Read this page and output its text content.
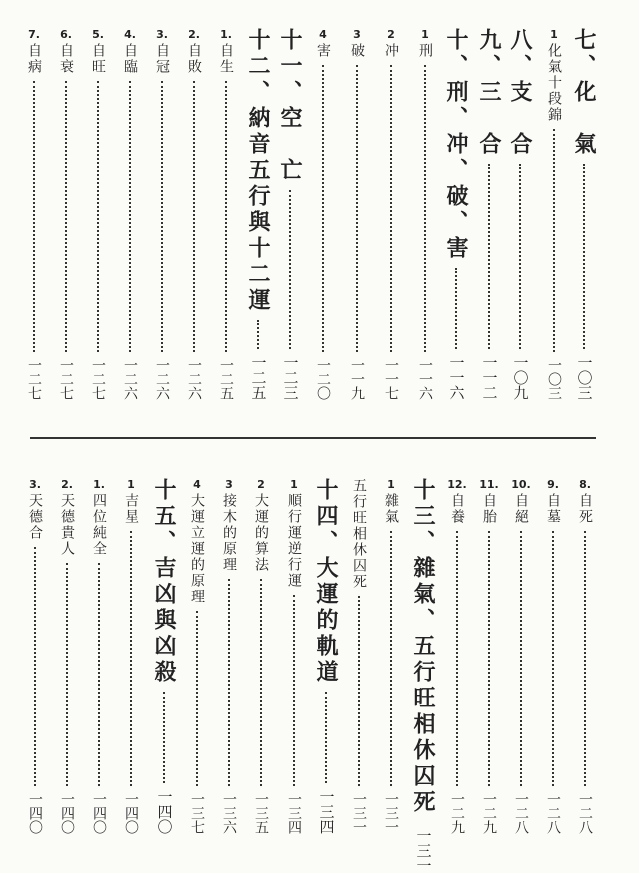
七、化　氣
一〇三
1
化氣十段錦
一〇三
八、支　合
一〇九
九、三　合
一一二
十、刑、冲、破、害
一一六
1
刑
一一六
2
冲
一一七
3
破
一一九
4
害
一二〇
十一、空　亡
一二三
十二、納音五行與十二運
一二五
1.
自生
一二五
2.
自敗
一二六
3.
自冠
一二六
4.
自臨
一二六
5.
自旺
一二七
6.
自衰
一二七
7.
自病
一二七
8.
自死
一二八
9.
自墓
一二八
10.
自絕
一二八
11.
自胎
一二九
12.
自養
一二九
十三、雜氣、五行旺相休囚死
一三一
1
雜氣
一三一
五行旺相休囚死
一三一
十四、大運的軌道
一三四
1
順行運逆行運
一三四
2
大運的算法
一三五
3
接木的原理
一三六
4
大運立運的原理
一三七
十五、吉凶與凶殺
一四〇
1
吉星
一四〇
1.
四位純全
一四〇
2.
天德貴人
一四〇
3.
天德合
一四〇
